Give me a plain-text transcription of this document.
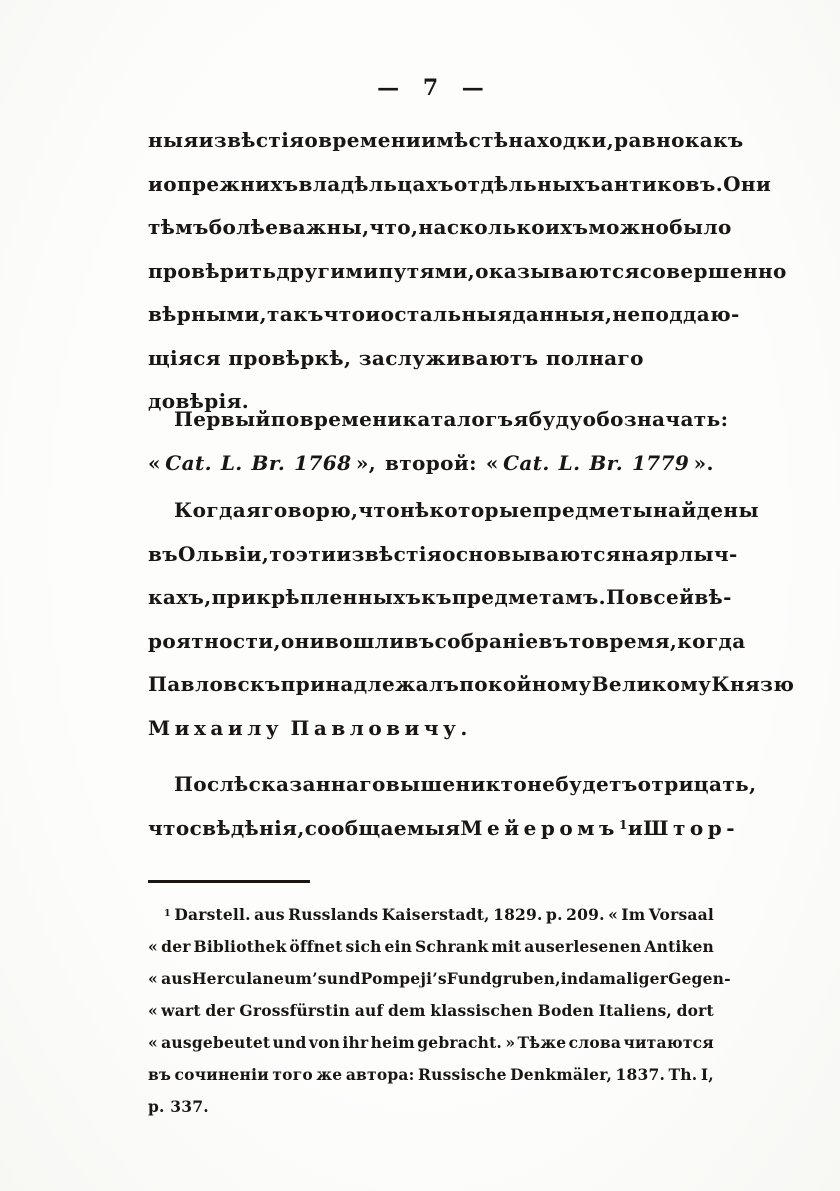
— 7 —
ныя извѣстія о времени и мѣстѣ находки, равно какъ
и о прежнихъ владѣльцахъ отдѣльныхъ антиковъ. Они
тѣмъ болѣе важны, что, на сколько ихъ можно было
провѣрить другими путями, оказываются совершенно
вѣрными, такъ что и остальныя данныя, не поддаю-
щіяся провѣркѣ, заслуживаютъ полнаго довѣрія.
Первый по времени каталогъ я буду обозначать:
« Cat. L. Br. 1768 », второй: « Cat. L. Br. 1779 ».
Когда я говорю, что нѣкоторые предметы найдены
въ Ольвіи, то эти извѣстія основываются на ярлыч-
кахъ, прикрѣпленныхъ къ предметамъ. По всей вѣ-
роятности, они вошли въ собраніе въ то время, когда
Павловскъ принадлежалъ покойному Великому Князю
Михаилу Павловичу.
Послѣ сказаннаго выше никто не будетъ отрицать,
что свѣдѣнія, сообщаемыя Мейеромъ$^1$ и Штор-
$^1$ Darstell. aus Russlands Kaiserstadt, 1829. p. 209. « Im Vorsaal
« der Bibliothek öffnet sich ein Schrank mit auserlesenen Antiken
« aus Herculaneum’s und Pompeji’s Fundgruben, in damaliger Gegen-
« wart der Grossfürstin auf dem klassischen Boden Italiens, dort
« ausgebeutet und von ihr heim gebracht. » Тѣже слова читаются
въ сочиненіи того же автора: Russische Denkmäler, 1837. Th. I,
p. 337.
